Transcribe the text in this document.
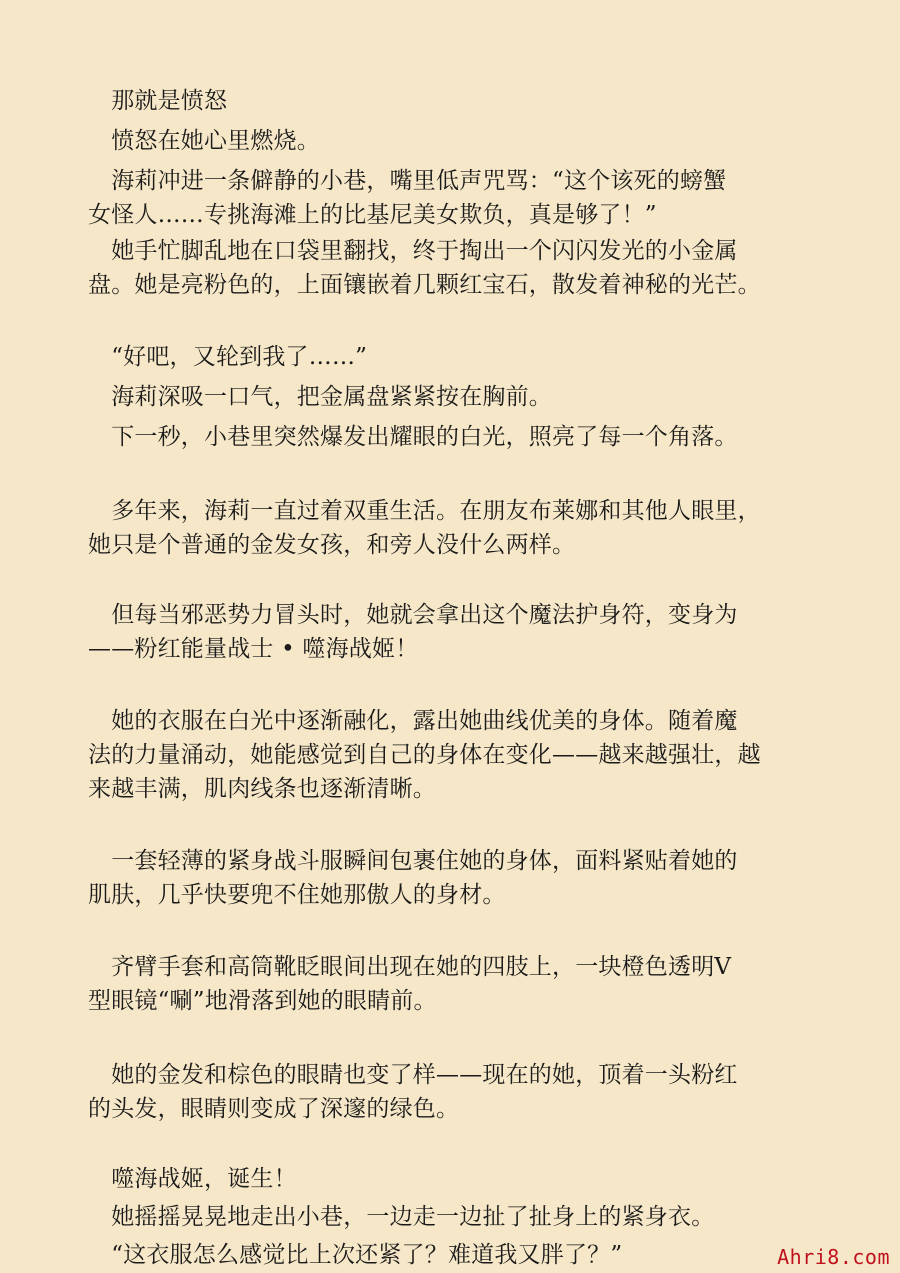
　那就是愤怒
　愤怒在她心里燃烧。
　海莉冲进一条僻静的小巷，嘴里低声咒骂：“这个该死的螃蟹
女怪人……专挑海滩上的比基尼美女欺负，真是够了！”
　她手忙脚乱地在口袋里翻找，终于掏出一个闪闪发光的小金属
盘。她是亮粉色的，上面镶嵌着几颗红宝石，散发着神秘的光芒。
　“好吧，又轮到我了……”
　海莉深吸一口气，把金属盘紧紧按在胸前。
　下一秒，小巷里突然爆发出耀眼的白光，照亮了每一个角落。
　多年来，海莉一直过着双重生活。在朋友布莱娜和其他人眼里，
她只是个普通的金发女孩，和旁人没什么两样。
　但每当邪恶势力冒头时，她就会拿出这个魔法护身符，变身为
——粉红能量战士 • 噬海战姬！
　她的衣服在白光中逐渐融化，露出她曲线优美的身体。随着魔
法的力量涌动，她能感觉到自己的身体在变化——越来越强壮，越
来越丰满，肌肉线条也逐渐清晰。
　一套轻薄的紧身战斗服瞬间包裹住她的身体，面料紧贴着她的
肌肤，几乎快要兜不住她那傲人的身材。
　齐臂手套和高筒靴眨眼间出现在她的四肢上，一块橙色透明V
型眼镜“唰”地滑落到她的眼睛前。
　她的金发和棕色的眼睛也变了样——现在的她，顶着一头粉红
的头发，眼睛则变成了深邃的绿色。
　噬海战姬，诞生！
　她摇摇晃晃地走出小巷，一边走一边扯了扯身上的紧身衣。
　“这衣服怎么感觉比上次还紧了？难道我又胖了？”	Ahri8.com
